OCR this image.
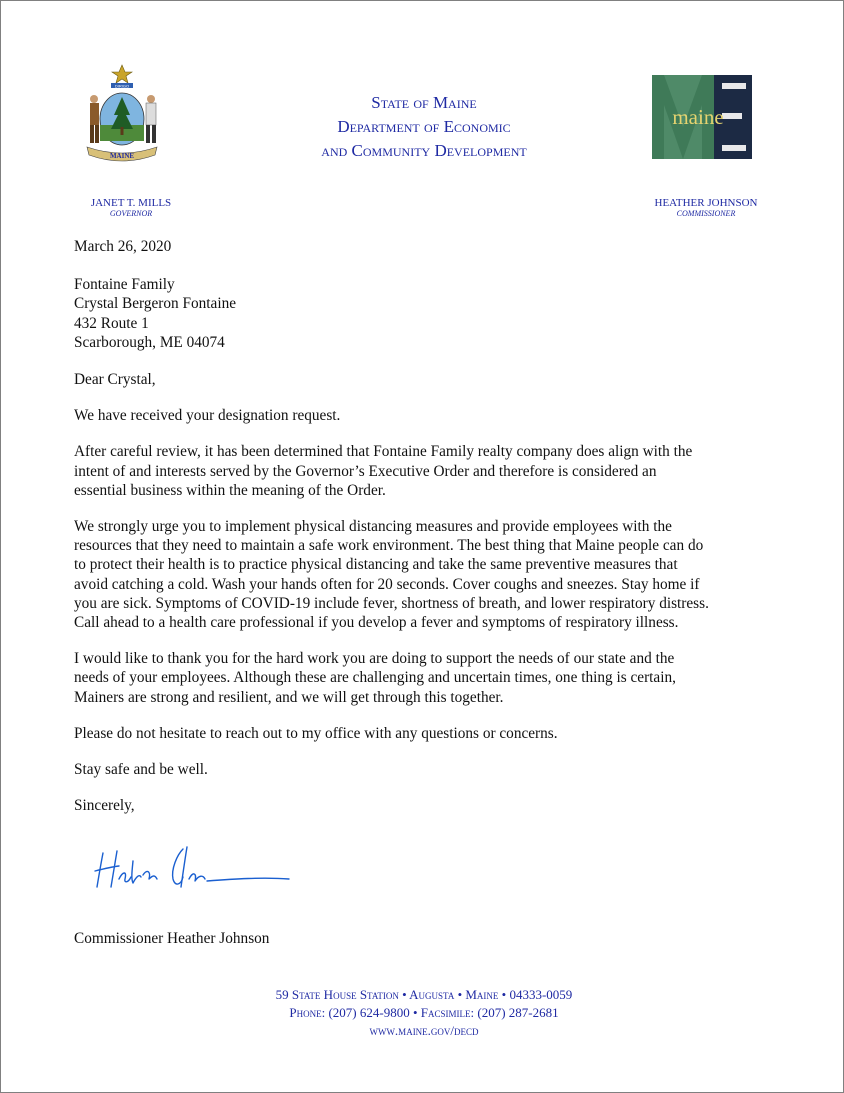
DIRIGO
MAINE
State of Maine
Department of Economic
and Community Development
maine
JANET T. MILLS
GOVERNOR
HEATHER JOHNSON
COMMISSIONER

March 26, 2020

Fontaine Family

Crystal Bergeron Fontaine

432 Route 1

Scarborough, ME 04074

Dear Crystal,

We have received your designation request.

After careful review, it has been determined that Fontaine Family realty company does align with the

intent of and interests served by the Governor’s Executive Order and therefore is considered an

essential business within the meaning of the Order.

We strongly urge you to implement physical distancing measures and provide employees with the

resources that they need to maintain a safe work environment. The best thing that Maine people can do

to protect their health is to practice physical distancing and take the same preventive measures that

avoid catching a cold. Wash your hands often for 20 seconds. Cover coughs and sneezes. Stay home if

you are sick. Symptoms of COVID-19 include fever, shortness of breath, and lower respiratory distress.

Call ahead to a health care professional if you develop a fever and symptoms of respiratory illness.

I would like to thank you for the hard work you are doing to support the needs of our state and the

needs of your employees. Although these are challenging and uncertain times, one thing is certain,

Mainers are strong and resilient, and we will get through this together.

Please do not hesitate to reach out to my office with any questions or concerns.

Stay safe and be well.

Sincerely,

Commissioner Heather Johnson
59 State House Station • Augusta • Maine • 04333-0059
Phone: (207) 624-9800 • Facsimile: (207) 287-2681
www.maine.gov/decd
